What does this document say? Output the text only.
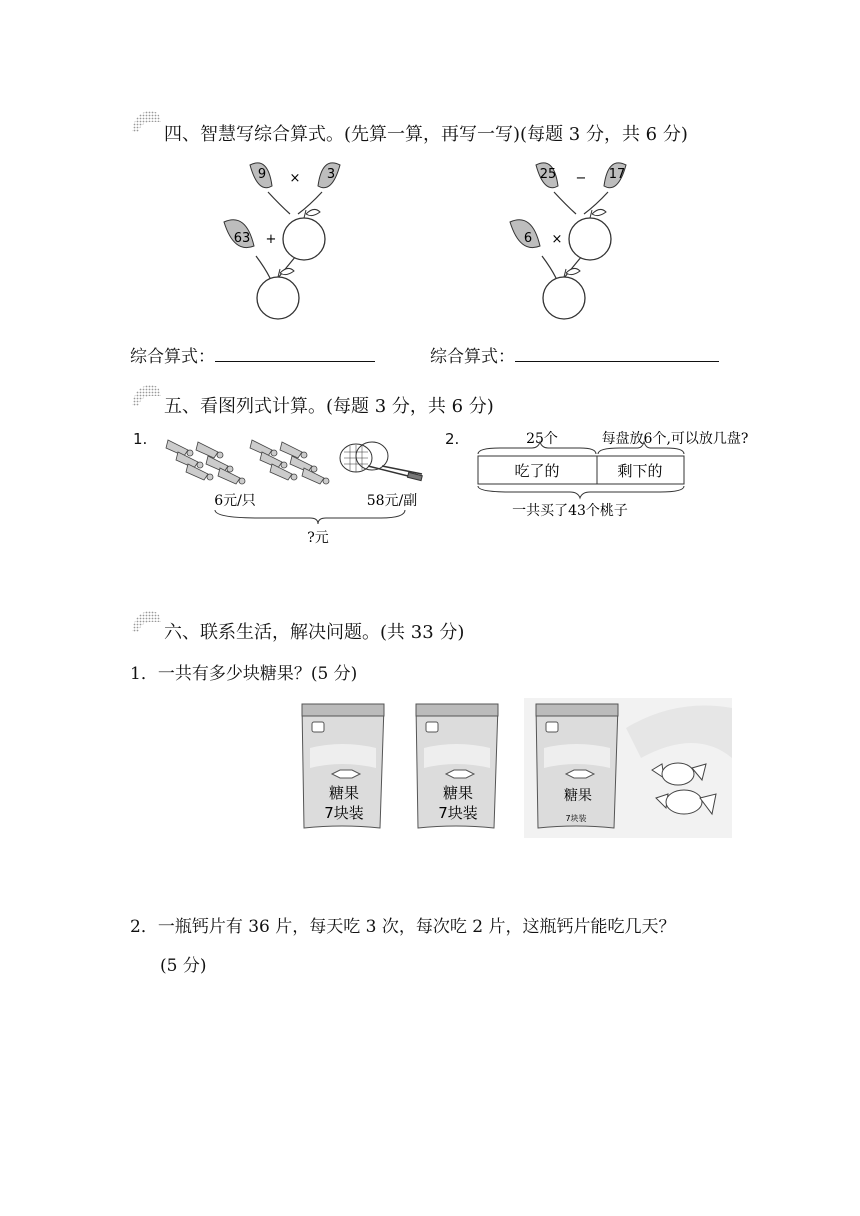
四、智慧写综合算式。(先算一算，再写一写)(每题 3 分，共 6 分)
9 × 3
63 +
25 − 17
6 ×
综合算式：	综合算式：
五、看图列式计算。(每题 3 分，共 6 分)
1.
6元/只	58元/副
?元
2.	25个	每盘放6个,可以放几盘?
吃了的	剩下的
一共买了43个桃子
六、联系生活，解决问题。(共 33 分)
1．一共有多少块糖果？(5 分)
糖果
7块装
糖果
7块装
糖果
7块装
2．一瓶钙片有 36 片，每天吃 3 次，每次吃 2 片，这瓶钙片能吃几天？
(5 分)
